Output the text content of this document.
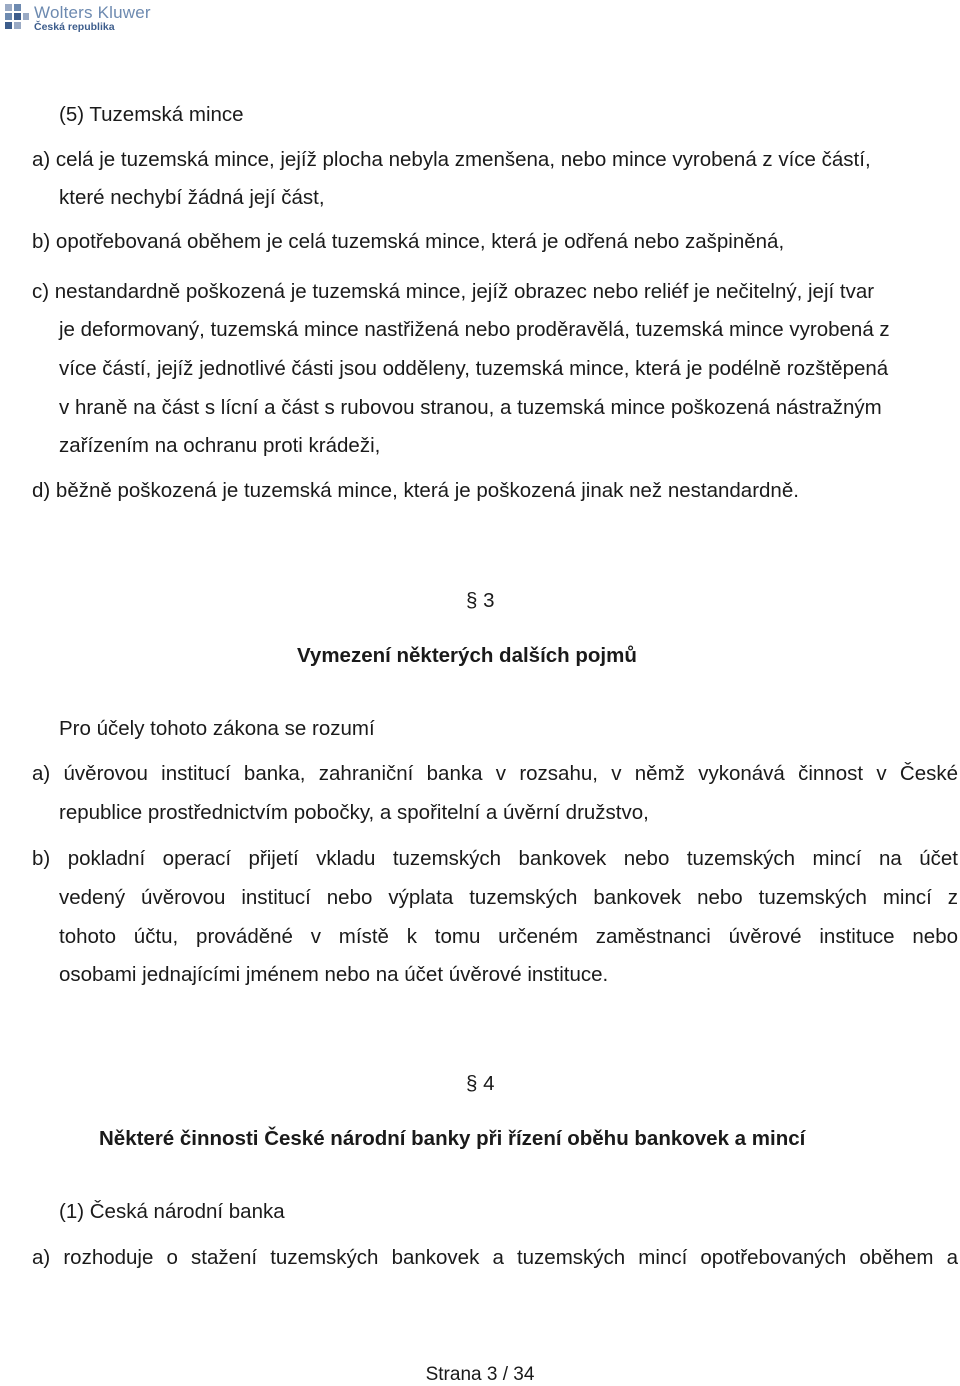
Wolters Kluwer
Česká republika
(5) Tuzemská mince
a) celá je tuzemská mince, jejíž plocha nebyla zmenšena, nebo mince vyrobená z více částí,
které nechybí žádná její část,
b) opotřebovaná oběhem je celá tuzemská mince, která je odřená nebo zašpiněná,
c) nestandardně poškozená je tuzemská mince, jejíž obrazec nebo reliéf je nečitelný, její tvar
je deformovaný, tuzemská mince nastřižená nebo proděravělá, tuzemská mince vyrobená z
více částí, jejíž jednotlivé části jsou odděleny, tuzemská mince, která je podélně rozštěpená
v hraně na část s lícní a část s rubovou stranou, a tuzemská mince poškozená nástražným
zařízením na ochranu proti krádeži,
d) běžně poškozená je tuzemská mince, která je poškozená jinak než nestandardně.
§ 3
Vymezení některých dalších pojmů
Pro účely tohoto zákona se rozumí
a) úvěrovou institucí banka, zahraniční banka v rozsahu, v němž vykonává činnost v České
republice prostřednictvím pobočky, a spořitelní a úvěrní družstvo,
b) pokladní operací přijetí vkladu tuzemských bankovek nebo tuzemských mincí na účet
vedený úvěrovou institucí nebo výplata tuzemských bankovek nebo tuzemských mincí z
tohoto účtu, prováděné v místě k tomu určeném zaměstnanci úvěrové instituce nebo
osobami jednajícími jménem nebo na účet úvěrové instituce.
§ 4
Některé činnosti České národní banky při řízení oběhu bankovek a mincí
(1) Česká národní banka
a) rozhoduje o stažení tuzemských bankovek a tuzemských mincí opotřebovaných oběhem a
Strana 3 / 34
